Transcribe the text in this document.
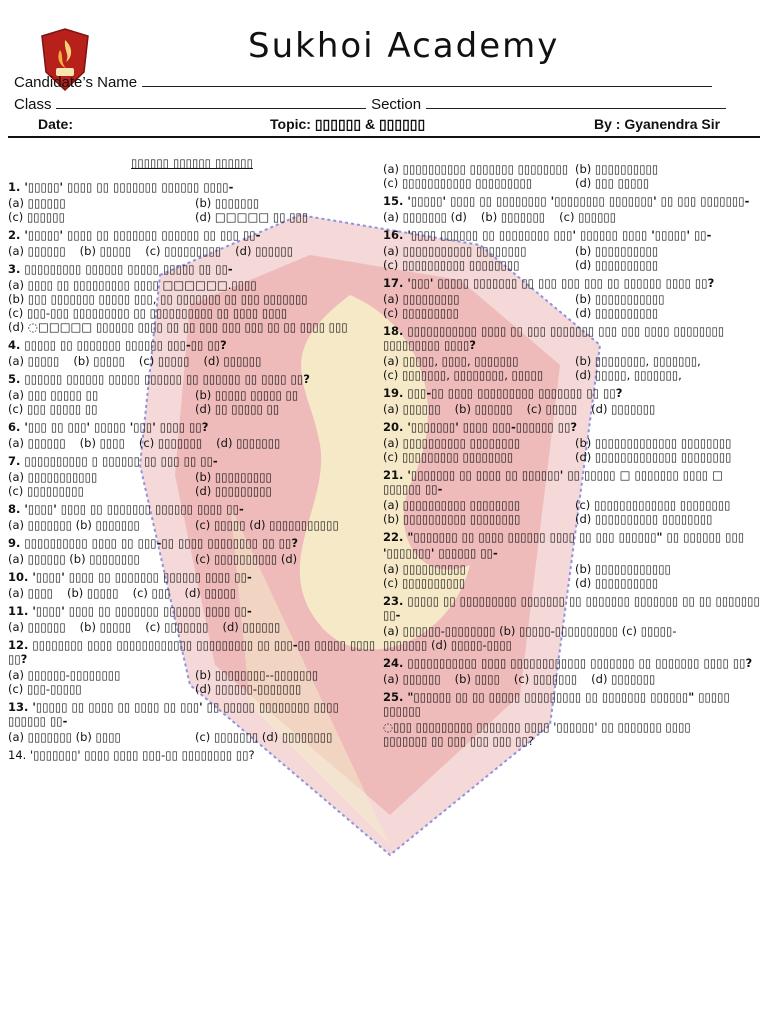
Sukhoi Academy
Candidate’s Name
Class	Section
Date:	Topic: ▯▯▯▯▯▯ & ▯▯▯▯▯▯	By : Gyanendra Sir
▯▯▯▯▯▯ ▯▯▯▯▯▯ ▯▯▯▯▯▯
1. '▯▯▯▯▯' ▯▯▯▯ ▯▯ ▯▯▯▯▯▯▯ ▯▯▯▯▯▯ ▯▯▯▯-
(a) ▯▯▯▯▯▯	(b) ▯▯▯▯▯▯▯
(c) ▯▯▯▯▯▯	(d) □□□□□ ▯▯ ▯▯▯
2. '▯▯▯▯▯' ▯▯▯▯ ▯▯ ▯▯▯▯▯▯▯ ▯▯▯▯▯▯ ▯▯ ▯▯▯ ▯▯-
(a) ▯▯▯▯▯▯ (b) ▯▯▯▯▯ (c) ▯▯▯▯▯▯▯▯▯ (d) ▯▯▯▯▯▯
3. ▯▯▯▯▯▯▯▯▯ ▯▯▯▯▯▯ ▯▯▯▯▯ ▯▯▯▯▯ ▯▯ ▯▯-
(a) ▯▯▯▯ ▯▯ ▯▯▯▯▯▯▯▯▯ ▯▯▯▯ □□□□□□.▯▯▯▯
(b) ▯▯▯ ▯▯▯▯▯▯▯ ▯▯▯▯▯ ▯▯▯, ▯▯ ▯▯▯▯▯▯▯ ▯▯ ▯▯▯ ▯▯▯▯▯▯▯
(c) ▯▯▯-▯▯▯ ▯▯▯▯▯▯▯▯▯ ▯▯ ▯▯▯▯▯▯▯▯▯▯ ▯▯ ▯▯▯▯ ▯▯▯▯
(d) ◌□□□□□ ▯▯▯▯▯▯ ▯▯▯▯ ▯▯ ▯▯ ▯▯▯ ▯▯▯ ▯▯▯ ▯▯ ▯▯ ▯▯▯▯ ▯▯▯
4. ▯▯▯▯▯ ▯▯ ▯▯▯▯▯▯▯ ▯▯▯▯▯▯ ▯▯▯-▯▯ ▯▯?
(a) ▯▯▯▯▯ (b) ▯▯▯▯▯ (c) ▯▯▯▯▯ (d) ▯▯▯▯▯▯
5. ▯▯▯▯▯▯ ▯▯▯▯▯▯ ▯▯▯▯▯ ▯▯▯▯▯▯ ▯▯ ▯▯▯▯▯▯ ▯▯ ▯▯▯▯ ▯▯?
(a) ▯▯▯ ▯▯▯▯▯ ▯▯	(b) ▯▯▯▯▯ ▯▯▯▯▯ ▯▯
(c) ▯▯▯ ▯▯▯▯▯ ▯▯	(d) ▯▯ ▯▯▯▯▯ ▯▯
6. '▯▯▯ ▯▯ ▯▯▯' ▯▯▯▯▯ '▯▯▯' ▯▯▯▯ ▯▯?
(a) ▯▯▯▯▯▯ (b) ▯▯▯▯ (c) ▯▯▯▯▯▯▯ (d) ▯▯▯▯▯▯▯
7. ▯▯▯▯▯▯▯▯▯▯ ▯ ▯▯▯▯▯▯ ▯▯ ▯▯▯ ▯▯ ▯▯-
(a) ▯▯▯▯▯▯▯▯▯▯▯	(b) ▯▯▯▯▯▯▯▯▯
(c) ▯▯▯▯▯▯▯▯▯	(d) ▯▯▯▯▯▯▯▯▯
8. '▯▯▯▯' ▯▯▯▯ ▯▯ ▯▯▯▯▯▯▯ ▯▯▯▯▯▯ ▯▯▯▯ ▯▯-
(a) ▯▯▯▯▯▯▯ (b) ▯▯▯▯▯▯▯	(c) ▯▯▯▯▯ (d) ▯▯▯▯▯▯▯▯▯▯▯
9. ▯▯▯▯▯▯▯▯▯▯ ▯▯▯▯ ▯▯ ▯▯▯-▯▯ ▯▯▯▯ ▯▯▯▯▯▯▯▯ ▯▯ ▯▯?
(a) ▯▯▯▯▯▯ (b) ▯▯▯▯▯▯▯▯	(c) ▯▯▯▯▯▯▯▯▯▯ (d)
10. '▯▯▯▯' ▯▯▯▯ ▯▯ ▯▯▯▯▯▯▯ ▯▯▯▯▯▯ ▯▯▯▯ ▯▯-
(a) ▯▯▯▯ (b) ▯▯▯▯▯ (c) ▯▯▯ (d) ▯▯▯▯▯
11. '▯▯▯▯' ▯▯▯▯ ▯▯ ▯▯▯▯▯▯▯ ▯▯▯▯▯▯ ▯▯▯▯ ▯▯-
(a) ▯▯▯▯▯▯ (b) ▯▯▯▯▯ (c) ▯▯▯▯▯▯▯ (d) ▯▯▯▯▯▯
12. ▯▯▯▯▯▯▯▯ ▯▯▯▯ ▯▯▯▯▯▯▯▯▯▯▯▯ ▯▯▯▯▯▯▯▯▯ ▯▯ ▯▯▯-▯▯ ▯▯▯▯▯ ▯▯▯▯ ▯▯?
(a) ▯▯▯▯▯▯-▯▯▯▯▯▯▯▯	(b) ▯▯▯▯▯▯▯▯--▯▯▯▯▯▯▯
(c) ▯▯▯-▯▯▯▯▯	(d) ▯▯▯▯▯▯-▯▯▯▯▯▯▯
13. '▯▯▯▯▯ ▯▯ ▯▯▯▯ ▯▯ ▯▯▯▯ ▯▯ ▯▯▯' ▯▯ ▯▯▯▯▯ ▯▯▯▯▯▯▯▯ ▯▯▯▯ ▯▯▯▯▯▯ ▯▯-
(a) ▯▯▯▯▯▯▯ (b) ▯▯▯▯	(c) ▯▯▯▯▯▯▯ (d) ▯▯▯▯▯▯▯▯
14. '▯▯▯▯▯▯▯' ▯▯▯▯ ▯▯▯▯ ▯▯▯-▯▯ ▯▯▯▯▯▯▯▯ ▯▯?
(a) ▯▯▯▯▯▯▯▯▯▯ ▯▯▯▯▯▯▯ ▯▯▯▯▯▯▯▯ (b) ▯▯▯▯▯▯▯▯▯▯
(c) ▯▯▯▯▯▯▯▯▯▯▯ ▯▯▯▯▯▯▯▯▯	(d) ▯▯▯ ▯▯▯▯▯
15. '▯▯▯▯▯' ▯▯▯▯ ▯▯ ▯▯▯▯▯▯▯▯ '▯▯▯▯▯▯▯▯ ▯▯▯▯▯▯▯' ▯▯ ▯▯▯ ▯▯▯▯▯▯▯-
(a) ▯▯▯▯▯▯▯ (d) (b) ▯▯▯▯▯▯▯ (c) ▯▯▯▯▯▯
16. '▯▯▯▯ ▯▯▯▯▯▯ ▯▯ ▯▯▯▯▯▯▯▯ ▯▯▯' ▯▯▯▯▯▯ ▯▯▯▯ '▯▯▯▯▯' ▯▯-
(a) ▯▯▯▯▯▯▯▯▯▯▯ ▯▯▯▯▯▯▯▯	(b) ▯▯▯▯▯▯▯▯▯▯
(c) ▯▯▯▯▯▯▯▯▯▯ ▯▯▯▯▯▯▯▯	(d) ▯▯▯▯▯▯▯▯▯▯
17. '▯▯▯' ▯▯▯▯▯ ▯▯▯▯▯▯▯ ▯▯ ▯▯▯ ▯▯▯ ▯▯▯ ▯▯ ▯▯▯▯▯▯ ▯▯▯▯ ▯▯?
(a) ▯▯▯▯▯▯▯▯▯	(b) ▯▯▯▯▯▯▯▯▯▯▯
(c) ▯▯▯▯▯▯▯▯▯	(d) ▯▯▯▯▯▯▯▯▯▯
18. ▯▯▯▯▯▯▯▯▯▯▯ ▯▯▯▯ ▯▯ ▯▯▯ ▯▯▯▯▯▯▯ ▯▯▯ ▯▯▯ ▯▯▯▯ ▯▯▯▯▯▯▯▯ ▯▯▯▯▯▯▯▯▯ ▯▯▯▯?
(a) ▯▯▯▯▯, ▯▯▯▯, ▯▯▯▯▯▯▯	(b) ▯▯▯▯▯▯▯▯, ▯▯▯▯▯▯▯,
(c) ▯▯▯▯▯▯▯, ▯▯▯▯▯▯▯▯, ▯▯▯▯▯	(d) ▯▯▯▯▯, ▯▯▯▯▯▯▯,
19. ▯▯▯-▯▯ ▯▯▯▯ ▯▯▯▯▯▯▯▯▯ ▯▯▯▯▯▯▯ ▯▯ ▯▯?
(a) ▯▯▯▯▯▯ (b) ▯▯▯▯▯▯ (c) ▯▯▯▯▯ (d) ▯▯▯▯▯▯▯
20. '▯▯▯▯▯▯▯' ▯▯▯▯ ▯▯▯-▯▯▯▯▯▯ ▯▯?
(a) ▯▯▯▯▯▯▯▯▯▯ ▯▯▯▯▯▯▯▯	(b) ▯▯▯▯▯▯▯▯▯▯▯▯▯ ▯▯▯▯▯▯▯▯
(c) ▯▯▯▯▯▯▯▯▯ ▯▯▯▯▯▯▯▯	(d) ▯▯▯▯▯▯▯▯▯▯▯▯▯ ▯▯▯▯▯▯▯▯
21. '▯▯▯▯▯▯▯ ▯▯ ▯▯▯▯ ▯▯ ▯▯▯▯▯▯' ▯▯ ▯▯▯▯▯ □ ▯▯▯▯▯▯▯ ▯▯▯▯ □ ▯▯▯▯▯▯ ▯▯-
(a) ▯▯▯▯▯▯▯▯▯▯ ▯▯▯▯▯▯▯▯	(c) ▯▯▯▯▯▯▯▯▯▯▯▯▯ ▯▯▯▯▯▯▯▯
(b) ▯▯▯▯▯▯▯▯▯▯ ▯▯▯▯▯▯▯▯	(d) ▯▯▯▯▯▯▯▯▯▯ ▯▯▯▯▯▯▯▯
22. "▯▯▯▯▯▯▯ ▯▯ ▯▯▯▯ ▯▯▯▯▯▯ ▯▯▯▯ ▯▯ ▯▯▯ ▯▯▯▯▯▯" ▯▯ ▯▯▯▯▯▯ ▯▯▯
'▯▯▯▯▯▯▯' ▯▯▯▯▯▯ ▯▯-
(a) ▯▯▯▯▯▯▯▯▯▯	(b) ▯▯▯▯▯▯▯▯▯▯▯▯
(c) ▯▯▯▯▯▯▯▯▯▯	(d) ▯▯▯▯▯▯▯▯▯▯
23. ▯▯▯▯▯ ▯▯ ▯▯▯▯▯▯▯▯▯ ▯▯▯▯▯▯▯ ▯▯ ▯▯▯▯▯▯▯ ▯▯▯▯▯▯▯ ▯▯ ▯▯ ▯▯▯▯▯▯▯ ▯▯-
(a) ▯▯▯▯▯▯-▯▯▯▯▯▯▯▯ (b) ▯▯▯▯▯-▯▯▯▯▯▯▯▯▯▯ (c) ▯▯▯▯▯-
▯▯▯▯▯▯▯ (d) ▯▯▯▯▯-▯▯▯▯
24. ▯▯▯▯▯▯▯▯▯▯▯ ▯▯▯▯ ▯▯▯▯▯▯▯▯▯▯▯▯ ▯▯▯▯▯▯▯ ▯▯ ▯▯▯▯▯▯▯ ▯▯▯▯ ▯▯?
(a) ▯▯▯▯▯▯ (b) ▯▯▯▯ (c) ▯▯▯▯▯▯▯ (d) ▯▯▯▯▯▯▯
25. "▯▯▯▯▯▯ ▯▯ ▯▯ ▯▯▯▯▯ ▯▯▯▯▯▯▯▯▯ ▯▯ ▯▯▯▯▯▯▯ ▯▯▯▯▯▯" ▯▯▯▯▯ ▯▯▯▯▯▯
◌▯▯▯ ▯▯▯▯▯▯▯▯▯ ▯▯▯▯▯▯▯ ▯▯▯▯ '▯▯▯▯▯▯' ▯▯ ▯▯▯▯▯▯▯ ▯▯▯▯
▯▯▯▯▯▯▯ ▯▯ ▯▯▯ ▯▯▯ ▯▯▯ ▯▯?
